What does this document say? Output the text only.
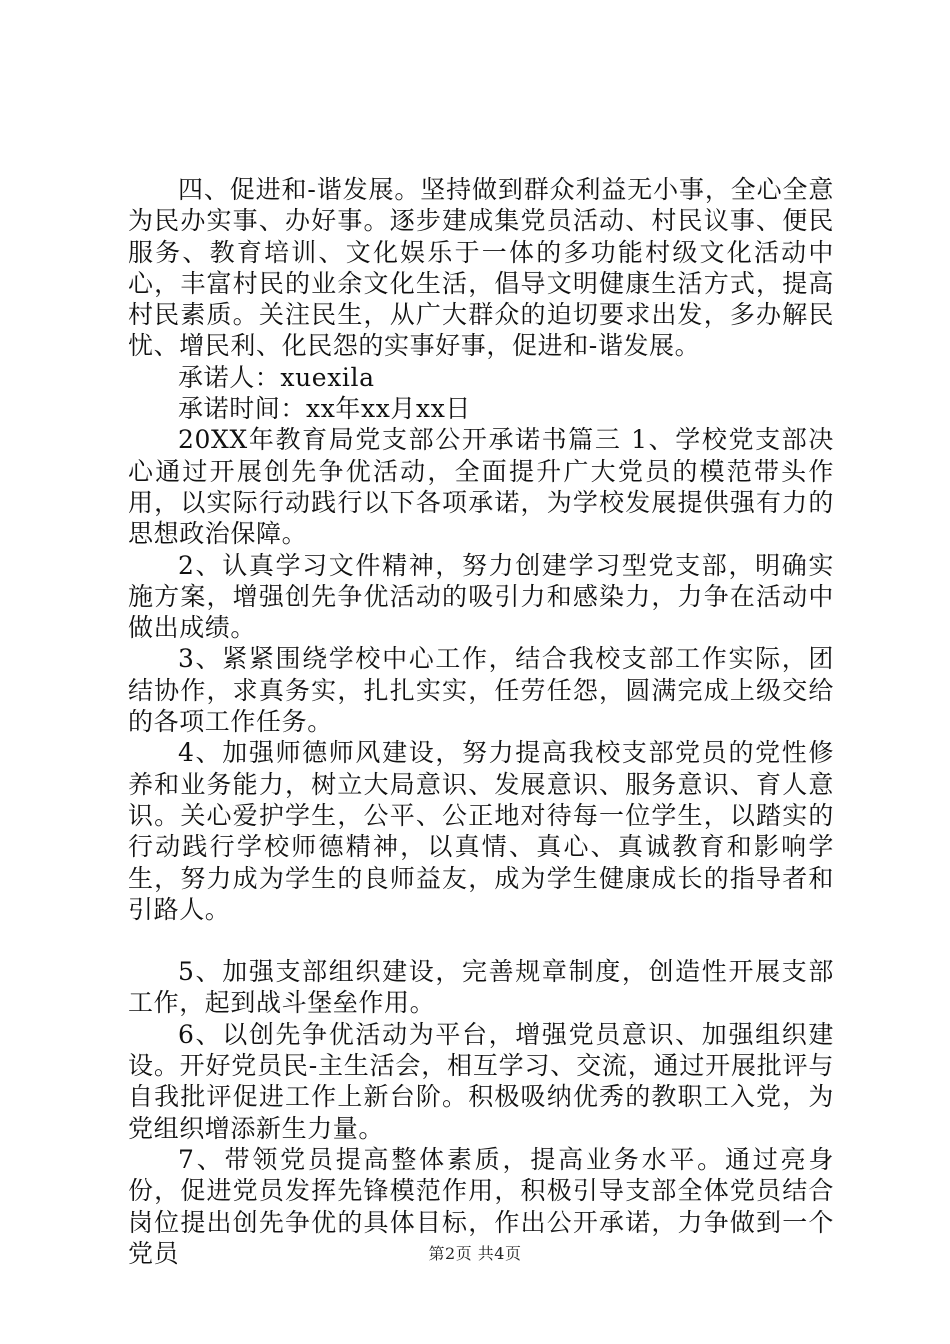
四、促进和-谐发展。坚持做到群众利益无小事，全心全意为民办实事、办好事。逐步建成集党员活动、村民议事、便民服务、教育培训、文化娱乐于一体的多功能村级文化活动中心，丰富村民的业余文化生活，倡导文明健康生活方式，提高村民素质。关注民生，从广大群众的迫切要求出发，多办解民忧、增民利、化民怨的实事好事，促进和-谐发展。

承诺人：xuexila

承诺时间：xx年xx月xx日

20XX年教育局党支部公开承诺书篇三 1、学校党支部决心通过开展创先争优活动，全面提升广大党员的模范带头作用，以实际行动践行以下各项承诺，为学校发展提供强有力的思想政治保障。

2、认真学习文件精神，努力创建学习型党支部，明确实施方案，增强创先争优活动的吸引力和感染力，力争在活动中做出成绩。

3、紧紧围绕学校中心工作，结合我校支部工作实际，团结协作，求真务实，扎扎实实，任劳任怨，圆满完成上级交给的各项工作任务。

4、加强师德师风建设，努力提高我校支部党员的党性修养和业务能力，树立大局意识、发展意识、服务意识、育人意识。关心爱护学生，公平、公正地对待每一位学生，以踏实的行动践行学校师德精神，以真情、真心、真诚教育和影响学生，努力成为学生的良师益友，成为学生健康成长的指导者和引路人。

5、加强支部组织建设，完善规章制度，创造性开展支部工作，起到战斗堡垒作用。

6、以创先争优活动为平台，增强党员意识、加强组织建设。开好党员民-主生活会，相互学习、交流，通过开展批评与自我批评促进工作上新台阶。积极吸纳优秀的教职工入党，为党组织增添新生力量。

7、带领党员提高整体素质，提高业务水平。通过亮身份，促进党员发挥先锋模范作用，积极引导支部全体党员结合岗位提出创先争优的具体目标，作出公开承诺，力争做到一个党员	第2页 共4页
